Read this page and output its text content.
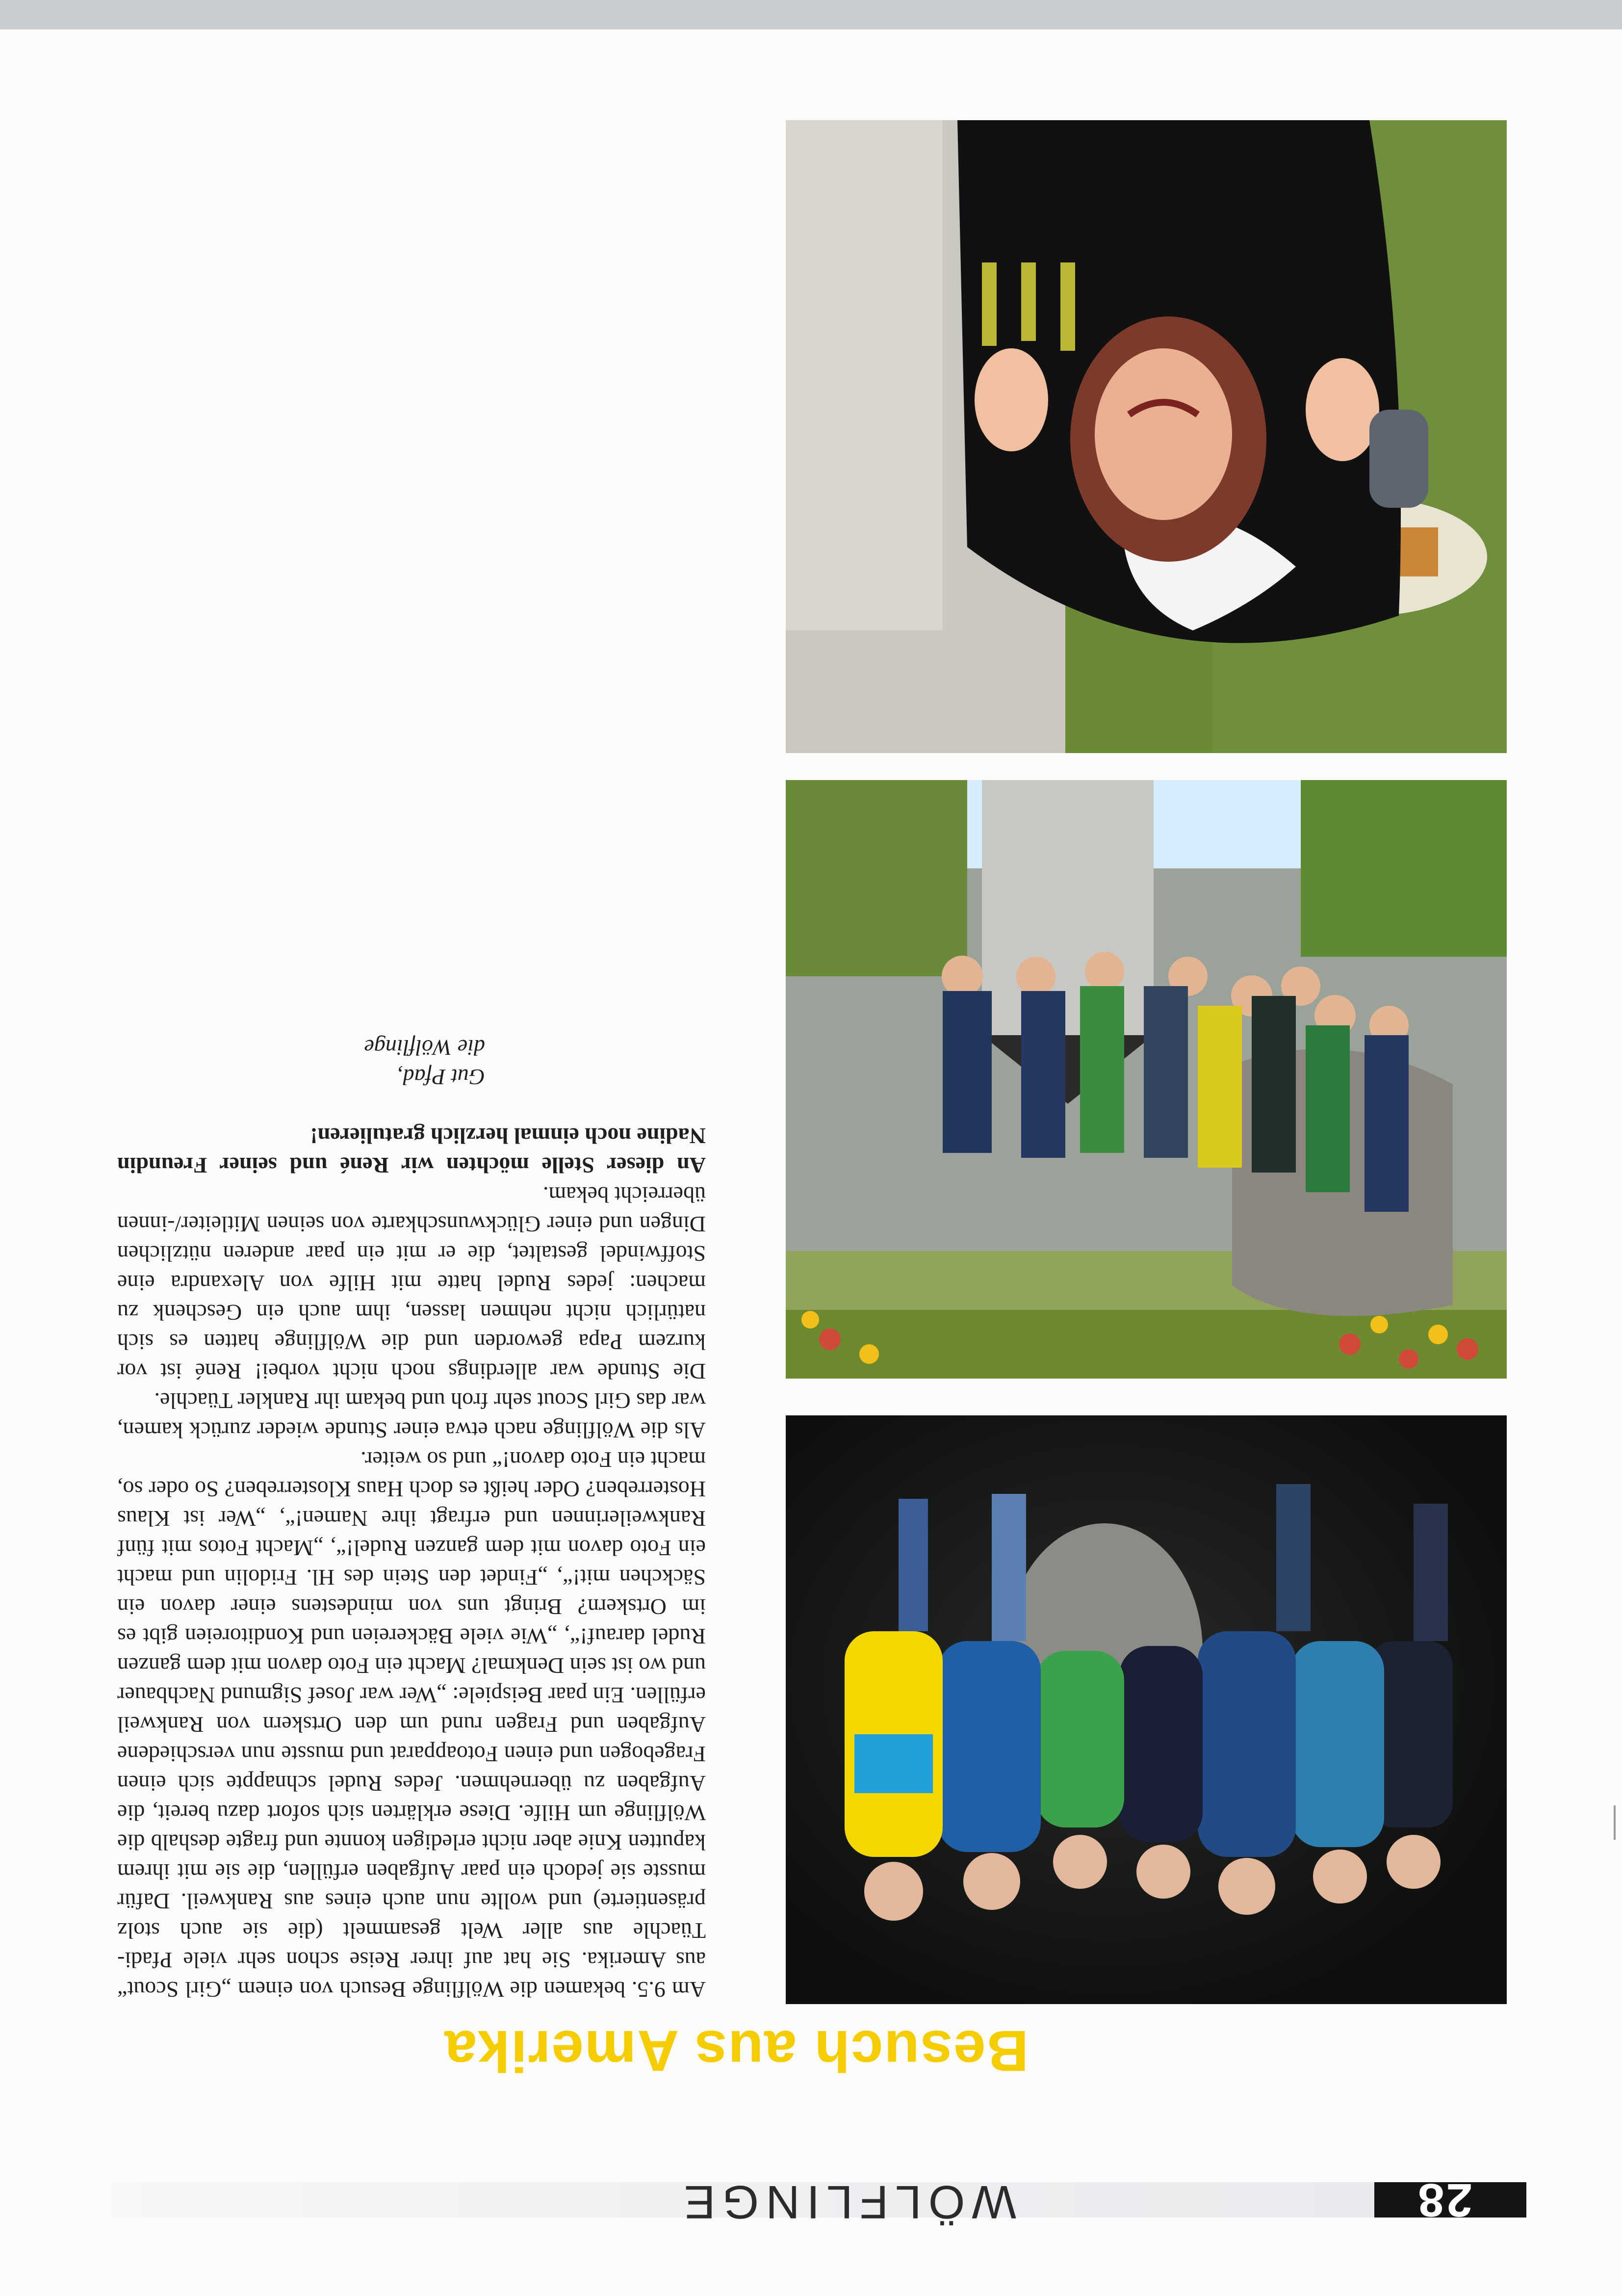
28
WÖLFLINGE
Besuch aus Amerika

Am 9.5. bekamen die Wölflinge Besuch von einem „Girl Scout“ aus Amerika. Sie hat auf ihrer Reise schon sehr viele Pfadi-Tüachle aus aller Welt gesammelt (die sie auch stolz präsentierte) und wollte nun auch eines aus Rankweil. Dafür musste sie jedoch ein paar Aufgaben erfüllen, die sie mit ihrem kaputten Knie aber nicht erledigen konnte und fragte deshalb die Wölflinge um Hilfe. Diese erklärten sich sofort dazu bereit, die Aufgaben zu übernehmen. Jedes Rudel schnappte sich einen Fragebogen und einen Fotoapparat und musste nun verschiedene Aufgaben und Fragen rund um den Ortskern von Rankweil erfüllen. Ein paar Beispiele: „Wer war Josef Sigmund Nachbauer und wo ist sein Denkmal? Macht ein Foto davon mit dem ganzen Rudel darauf!“, „Wie viele Bäckereien und Konditoreien gibt es im Ortskern? Bringt uns von mindestens einer davon ein Säckchen mit!“, „Findet den Stein des Hl. Fridolin und macht ein Foto davon mit dem ganzen Rudel!“, „Macht Fotos mit fünf Rankweilerinnen und erfragt ihre Namen!“, „Wer ist Klaus Hosterreben? Oder heißt es doch Haus Klosterreben? So oder so, macht ein Foto davon!“ und so weiter.

Als die Wölflinge nach etwa einer Stunde wieder zurück kamen, war das Girl Scout sehr froh und bekam ihr Rankler Tüachle.

Die Stunde war allerdings noch nicht vorbei! René ist vor kurzem Papa geworden und die Wölflinge hatten es sich natürlich nicht nehmen lassen, ihm auch ein Geschenk zu machen: jedes Rudel hatte mit Hilfe von Alexandra eine Stoffwindel gestaltet, die er mit ein paar anderen nützlichen Dingen und einer Glückwunschkarte von seinen Mitleiter/-innen überreicht bekam.

An dieser Stelle möchten wir René und seiner Freundin Nadine noch einmal herzlich gratulieren!

Gut Pfad,
die Wölflinge
